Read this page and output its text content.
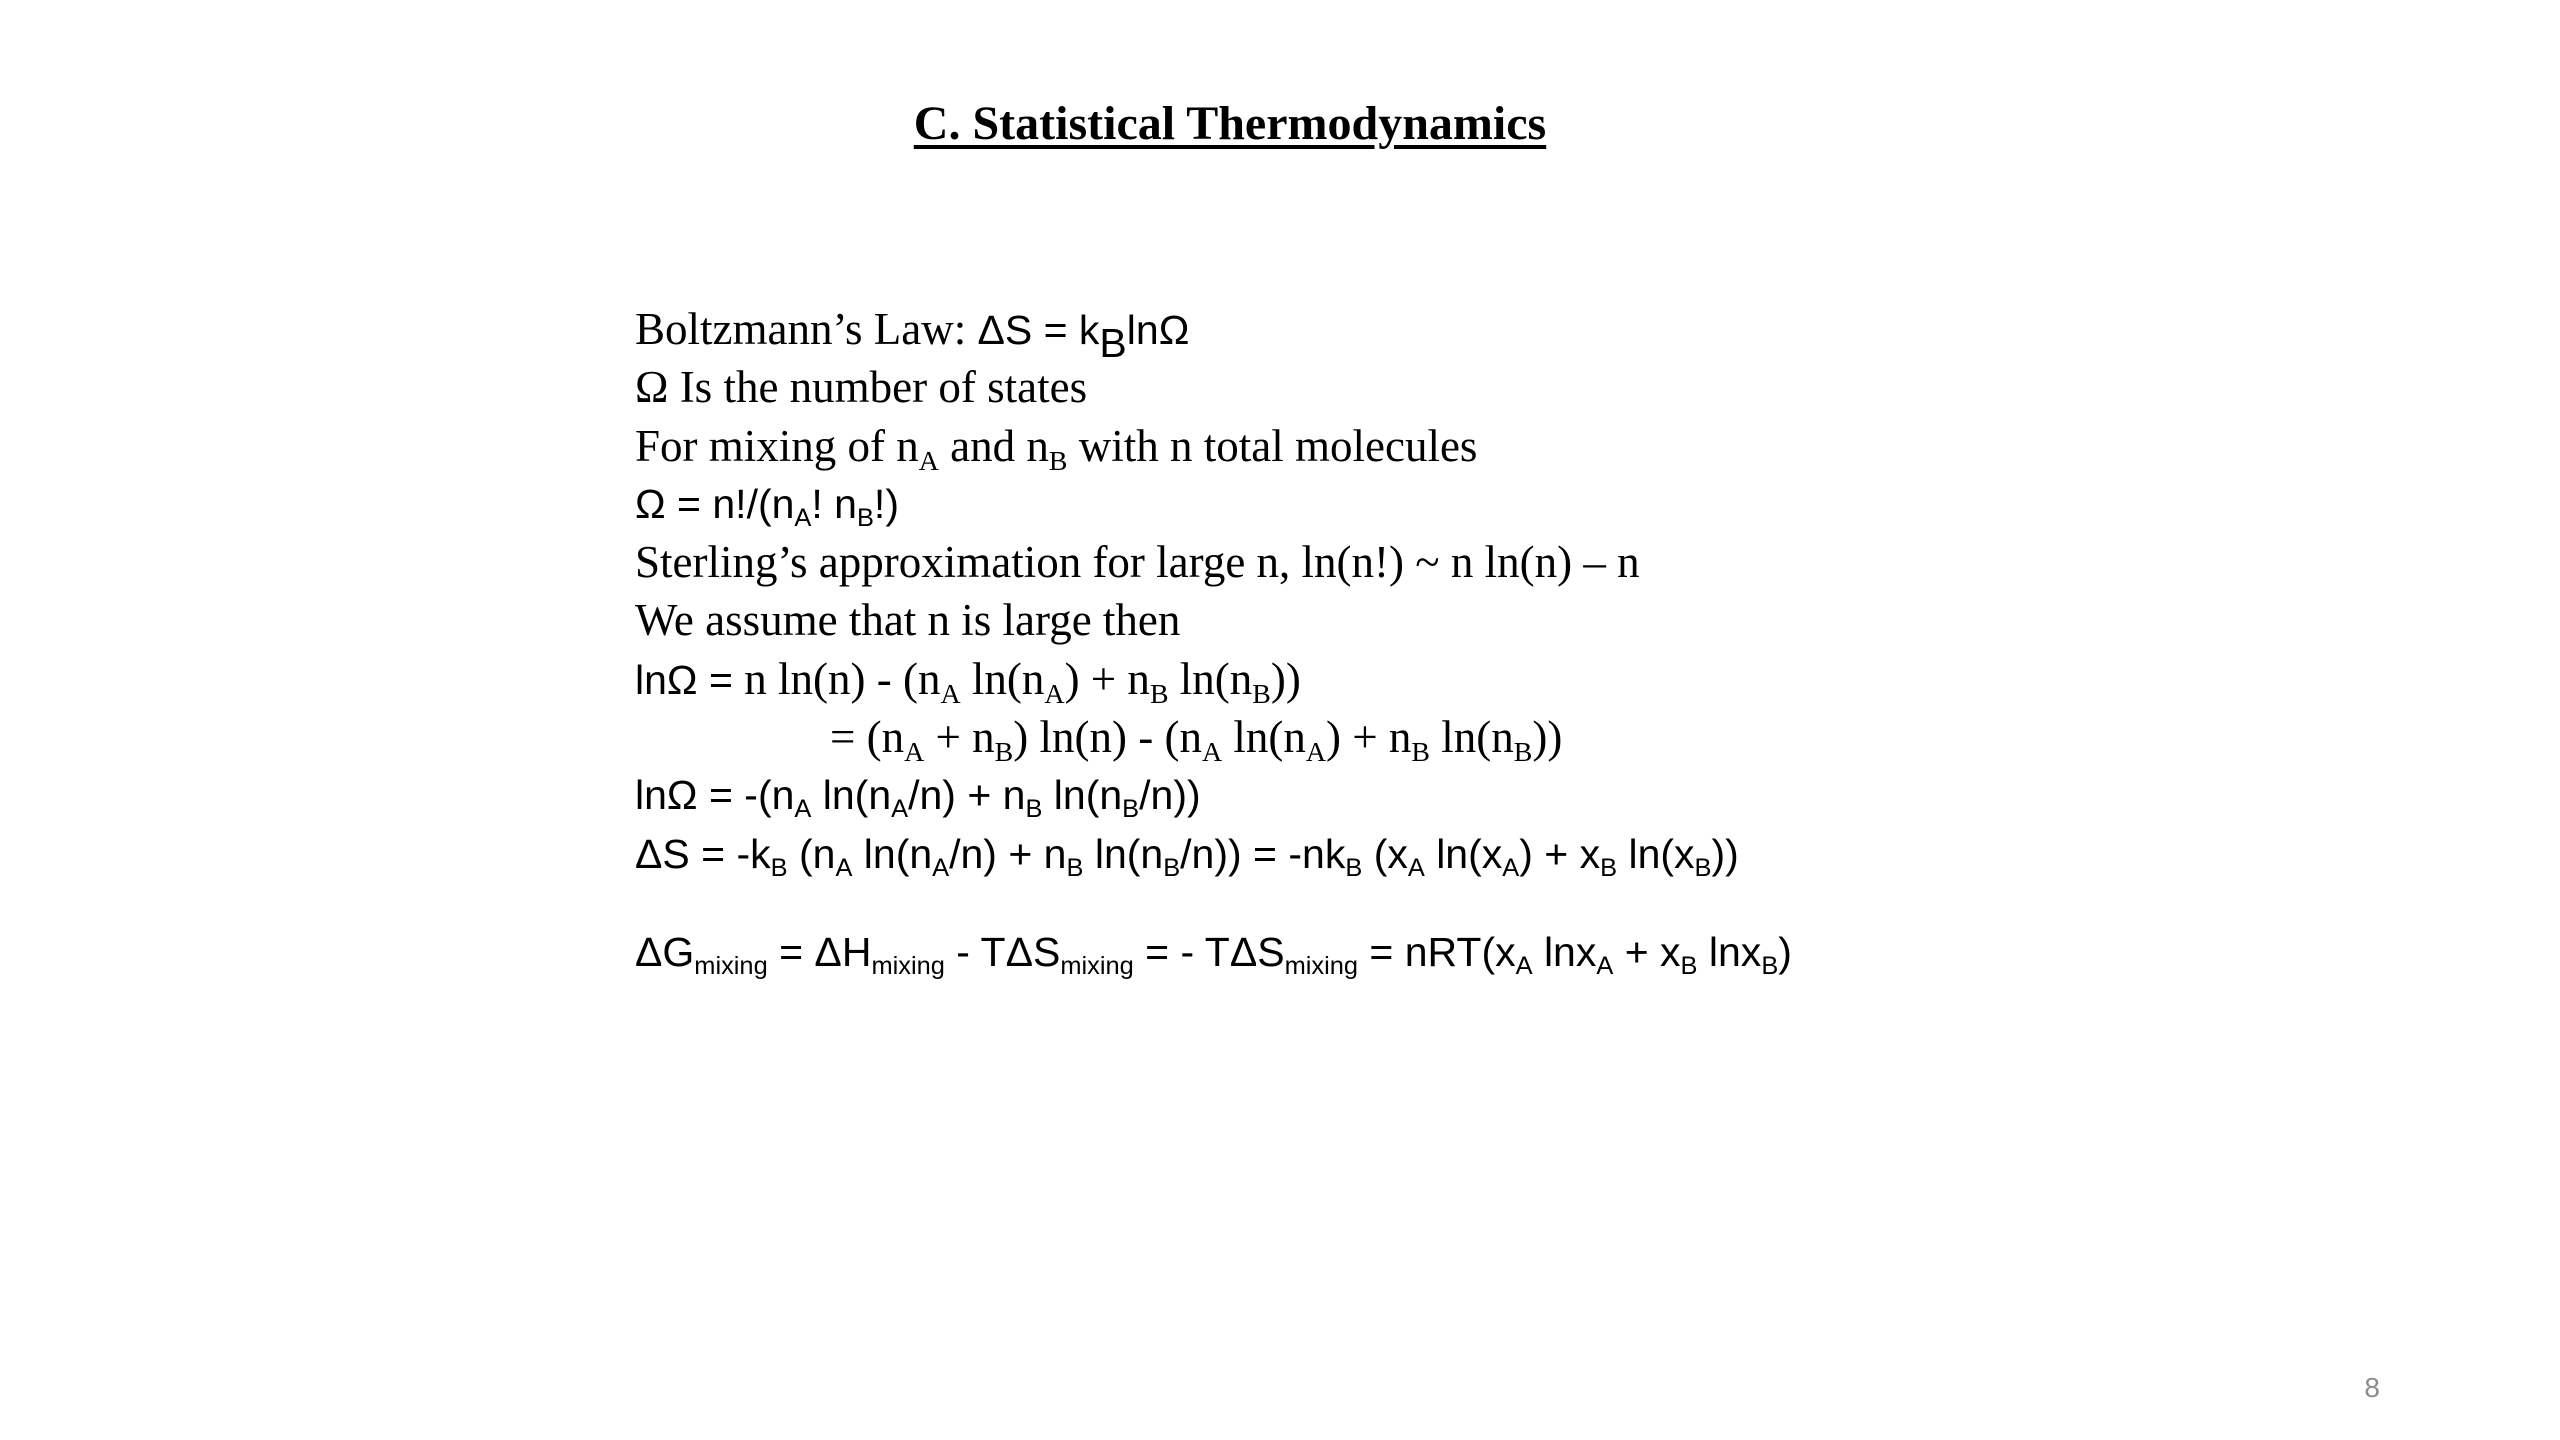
C. Statistical Thermodynamics
Boltzmann’s Law: $\Delta S = k_B\ln\Omega$
Ω Is the number of states
For mixing of $n_A$ and $n_B$ with n total molecules
$\Omega = n!/(n_A$! $n_B$!)
Sterling’s approximation for large n, ln(n!) ~ n ln(n) – n
We assume that n is large then
lnΩ = n $\ln(n) - (n_A$ $\ln(n_A) + n_B$ $\ln(n_B)$)
= $(n_A + n_B)$ $\ln(n) - (n_A$ $\ln(n_A) + n_B$ $\ln(n_B)$)
$\ln\Omega = -(n_A$ $\ln(n_A/n) + n_B$ $\ln(n_B/n)$)
$\Delta S = -k_B$ ($n_A$ $\ln(n_A/n) + n_B$ $\ln(n_B/n)) = -nk_B$ ($x_A$ $\ln(x_A) + x_B$ $\ln(x_B)$)
$\Delta G_{mixing} = \Delta H_{mixing} - T\Delta S_{mixing}$ = - $T\Delta S_{mixing} = nRT(x_A$ $\ln x_A + x_B$ lnx$_B$)
8
